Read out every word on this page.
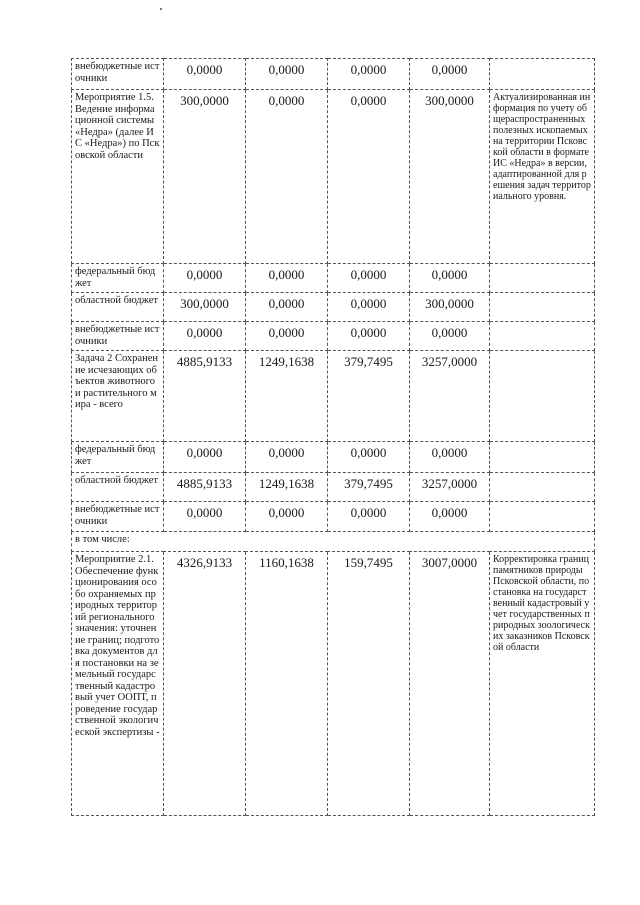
внебюджетные источники	0,0000	0,0000	0,0000	0,0000	
Мероприятие 1.5. Ведение информационной системы «Недра» (далее ИС «Недра») по Псковской области	300,0000	0,0000	0,0000	300,0000	Актуализированная информация по учету общераспространенных полезных ископаемых на территории Псковской области в формате ИС «Недра» в версии, адаптированной для решения задач территориального уровня.
федеральный бюджет	0,0000	0,0000	0,0000	0,0000	
областной бюджет	300,0000	0,0000	0,0000	300,0000	
внебюджетные источники	0,0000	0,0000	0,0000	0,0000	
Задача 2 Сохранение исчезающих объектов животного и растительного мира - всего	4885,9133	1249,1638	379,7495	3257,0000	
федеральный бюджет	0,0000	0,0000	0,0000	0,0000	
областной бюджет	4885,9133	1249,1638	379,7495	3257,0000	
внебюджетные источники	0,0000	0,0000	0,0000	0,0000	
в том числе:					
Мероприятие 2.1. Обеспечение функционирования особо охраняемых природных территорий регионального значения: уточнение границ; подготовка документов для постановки на земельный государственный кадастровый учет ООПТ, проведение государственной экологической экспертизы -	4326,9133	1160,1638	159,7495	3007,0000	Корректировка границ памятников природы Псковской области, постановка на государственный кадастровый учет государственных природных зоологических заказников Псковской области
